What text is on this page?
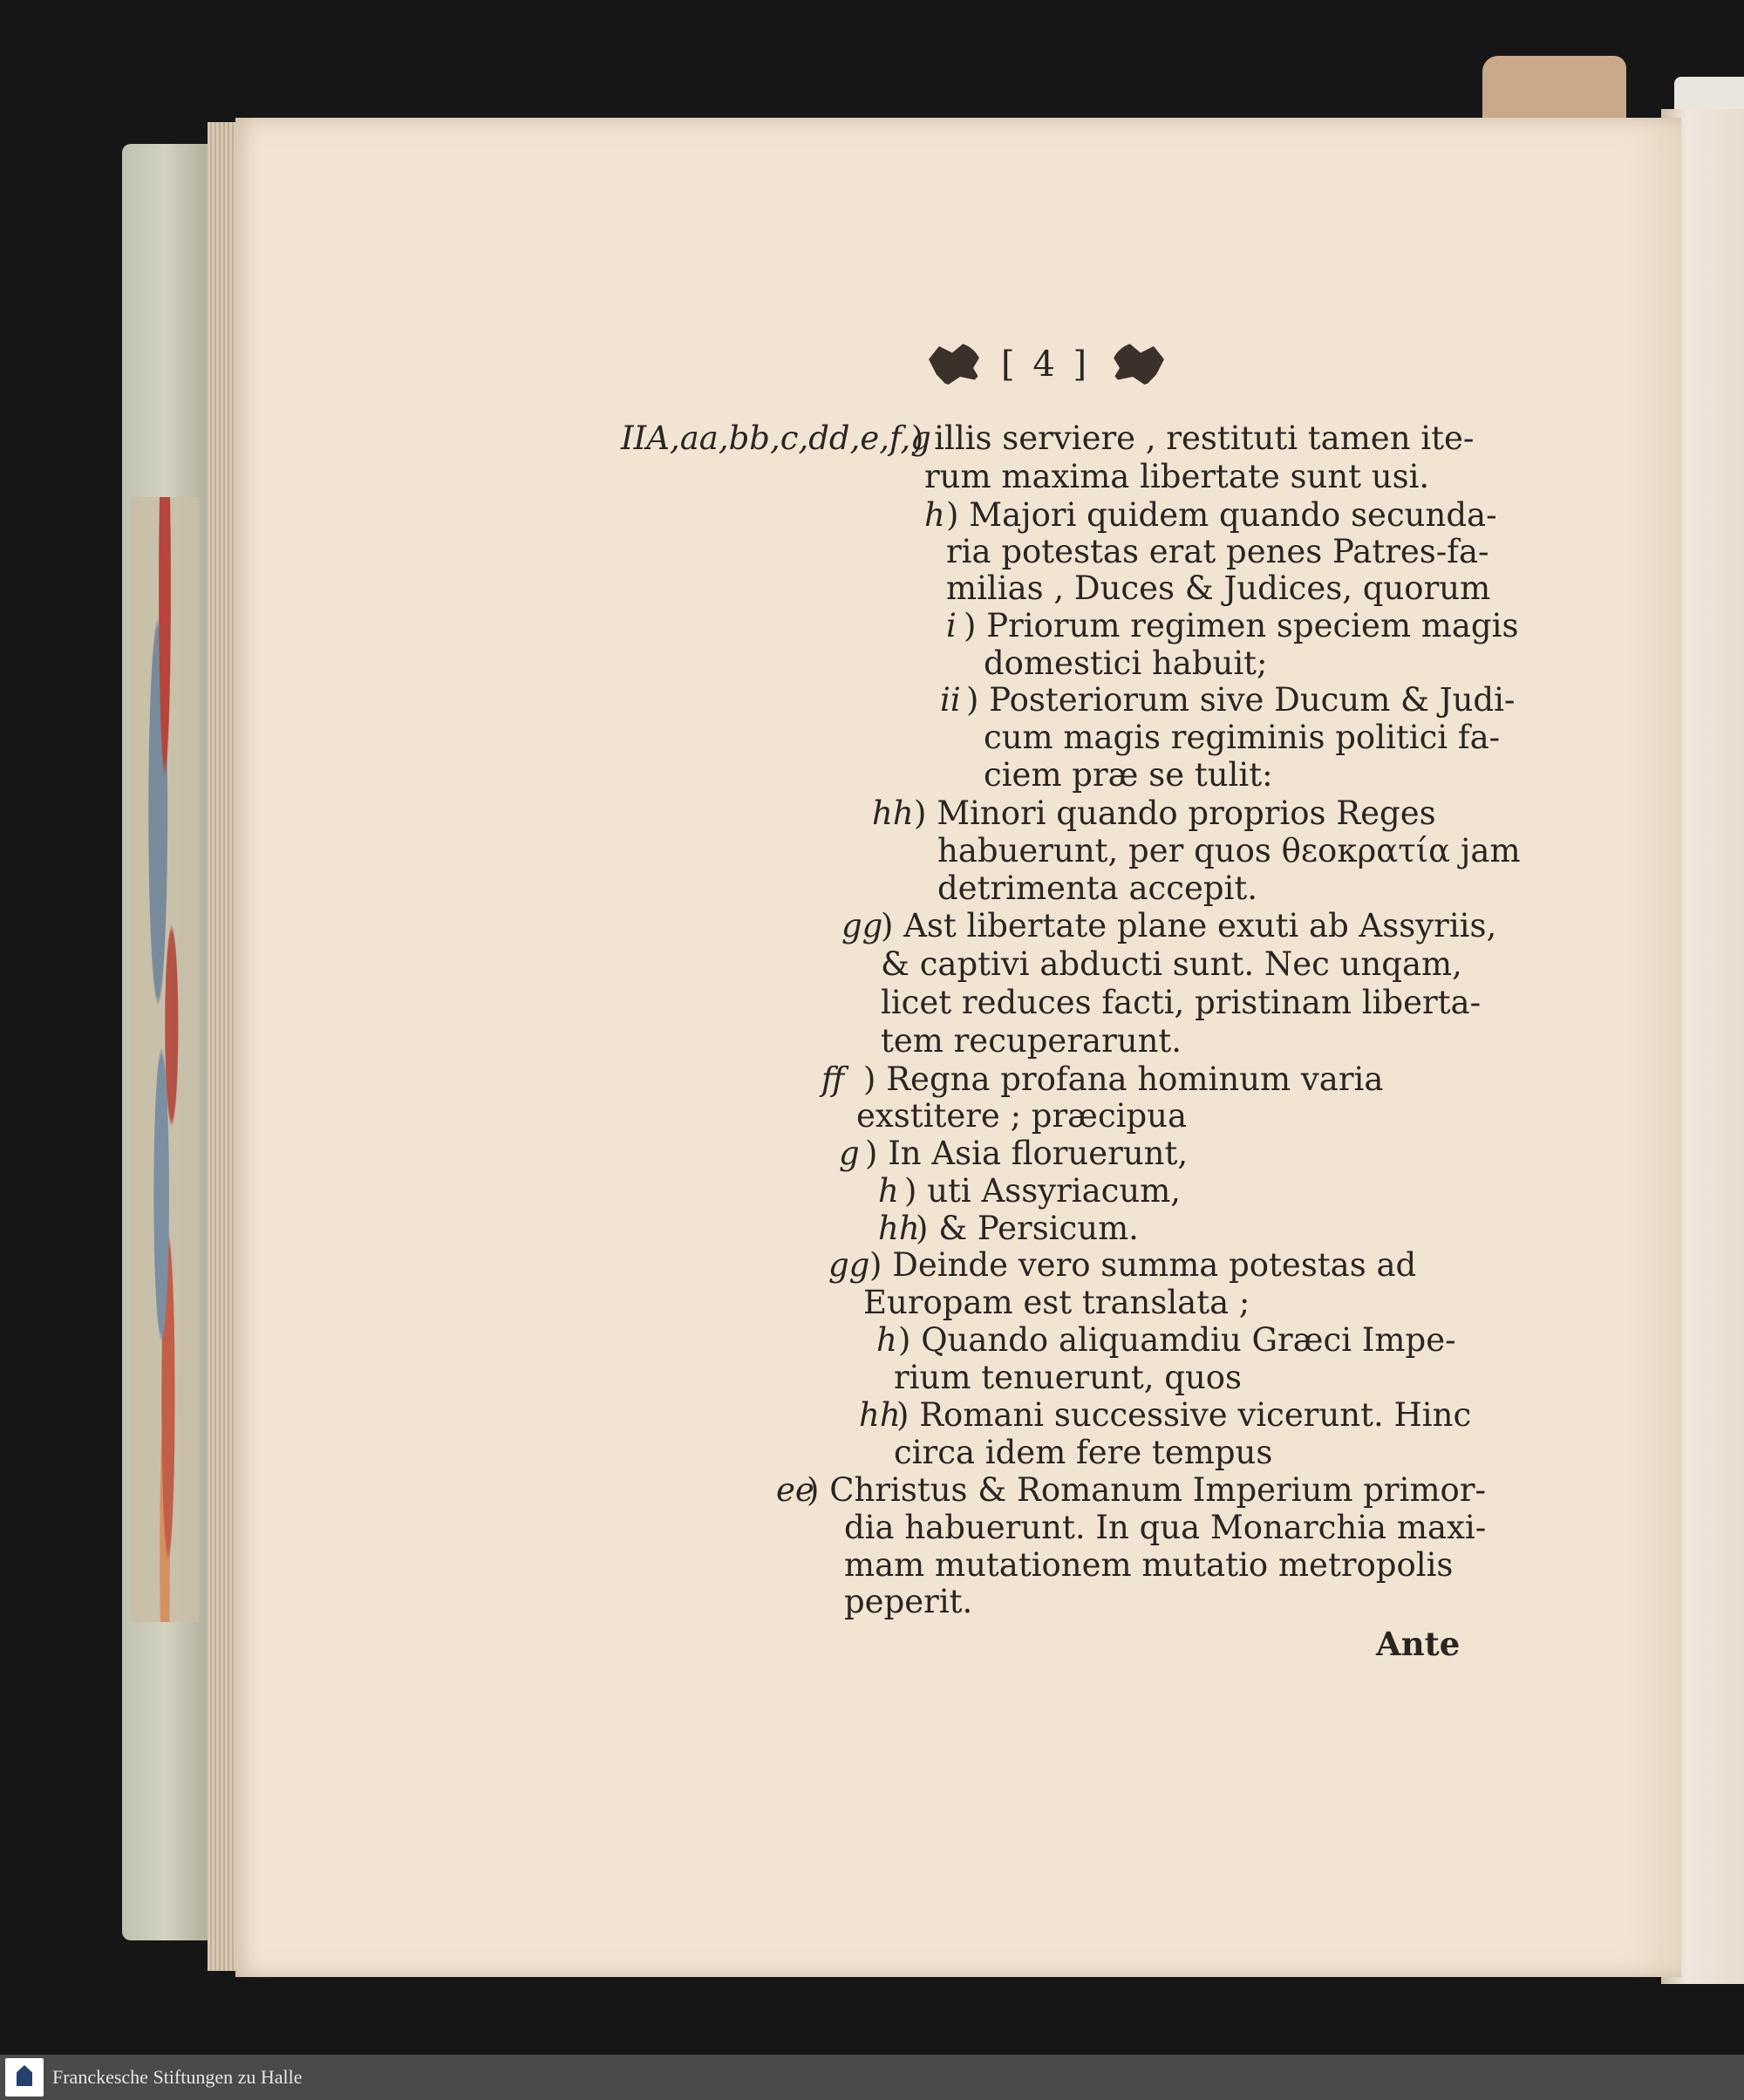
[ 4 ]

IIA,aa,bb,c,dd,e,f,g

) illis serviere , restituti tamen ite-

rum maxima libertate sunt usi.

h ) Majori quidem quando secunda-

ria potestas erat penes Patres-fa-

milias , Duces & Judices, quorum

i ) Priorum regimen speciem magis

domestici habuit;

ii ) Posteriorum sive Ducum & Judi-

cum magis regiminis politici fa-

ciem præ se tulit:

hh ) Minori quando proprios Reges

habuerunt, per quos θεοκρατία jam

detrimenta accepit.

gg

) Ast libertate plane exuti ab Assyriis,

& captivi abducti sunt. Nec unqam,

licet reduces facti, pristinam liberta-

tem recuperarunt.

ff ) Regna profana hominum varia

exstitere ; præcipua

g ) In Asia floruerunt,

h ) uti Assyriacum,

hh

) & Persicum.

gg ) Deinde vero summa potestas ad

Europam est translata ;

h ) Quando aliquamdiu Græci Impe-

rium tenuerunt, quos

hh

) Romani successive vicerunt. Hinc

circa idem fere tempus

ee

) Christus & Romanum Imperium primor-

dia habuerunt. In qua Monarchia maxi-

mam mutationem mutatio metropolis

peperit.

Ante

Franckesche Stiftungen zu Halle
